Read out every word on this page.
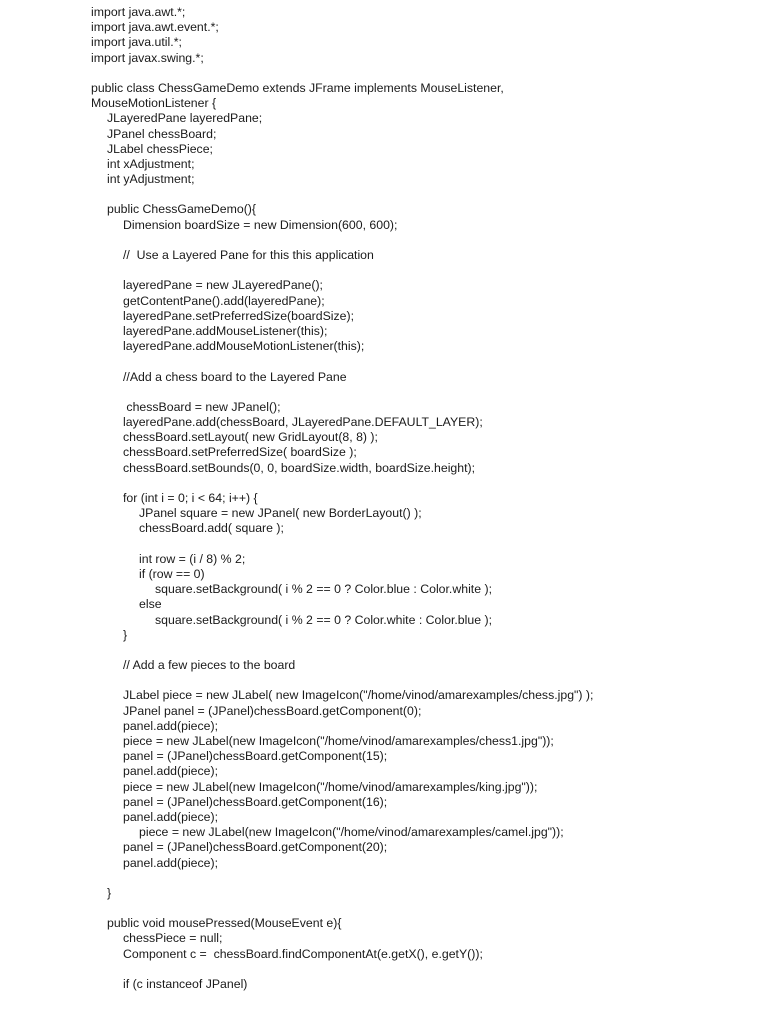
import java.awt.*;
import java.awt.event.*;
import java.util.*;
import javax.swing.*;
public class ChessGameDemo extends JFrame implements MouseListener,
MouseMotionListener {
JLayeredPane layeredPane;
JPanel chessBoard;
JLabel chessPiece;
int xAdjustment;
int yAdjustment;
public ChessGameDemo(){
Dimension boardSize = new Dimension(600, 600);
//  Use a Layered Pane for this this application
layeredPane = new JLayeredPane();
getContentPane().add(layeredPane);
layeredPane.setPreferredSize(boardSize);
layeredPane.addMouseListener(this);
layeredPane.addMouseMotionListener(this);
//Add a chess board to the Layered Pane
chessBoard = new JPanel();
layeredPane.add(chessBoard, JLayeredPane.DEFAULT_LAYER);
chessBoard.setLayout( new GridLayout(8, 8) );
chessBoard.setPreferredSize( boardSize );
chessBoard.setBounds(0, 0, boardSize.width, boardSize.height);
for (int i = 0; i < 64; i++) {
JPanel square = new JPanel( new BorderLayout() );
chessBoard.add( square );
int row = (i / 8) % 2;
if (row == 0)
square.setBackground( i % 2 == 0 ? Color.blue : Color.white );
else
square.setBackground( i % 2 == 0 ? Color.white : Color.blue );
}
// Add a few pieces to the board
JLabel piece = new JLabel( new ImageIcon("/home/vinod/amarexamples/chess.jpg") );
JPanel panel = (JPanel)chessBoard.getComponent(0);
panel.add(piece);
piece = new JLabel(new ImageIcon("/home/vinod/amarexamples/chess1.jpg"));
panel = (JPanel)chessBoard.getComponent(15);
panel.add(piece);
piece = new JLabel(new ImageIcon("/home/vinod/amarexamples/king.jpg"));
panel = (JPanel)chessBoard.getComponent(16);
panel.add(piece);
piece = new JLabel(new ImageIcon("/home/vinod/amarexamples/camel.jpg"));
panel = (JPanel)chessBoard.getComponent(20);
panel.add(piece);
}
public void mousePressed(MouseEvent e){
chessPiece = null;
Component c =  chessBoard.findComponentAt(e.getX(), e.getY());
if (c instanceof JPanel)
